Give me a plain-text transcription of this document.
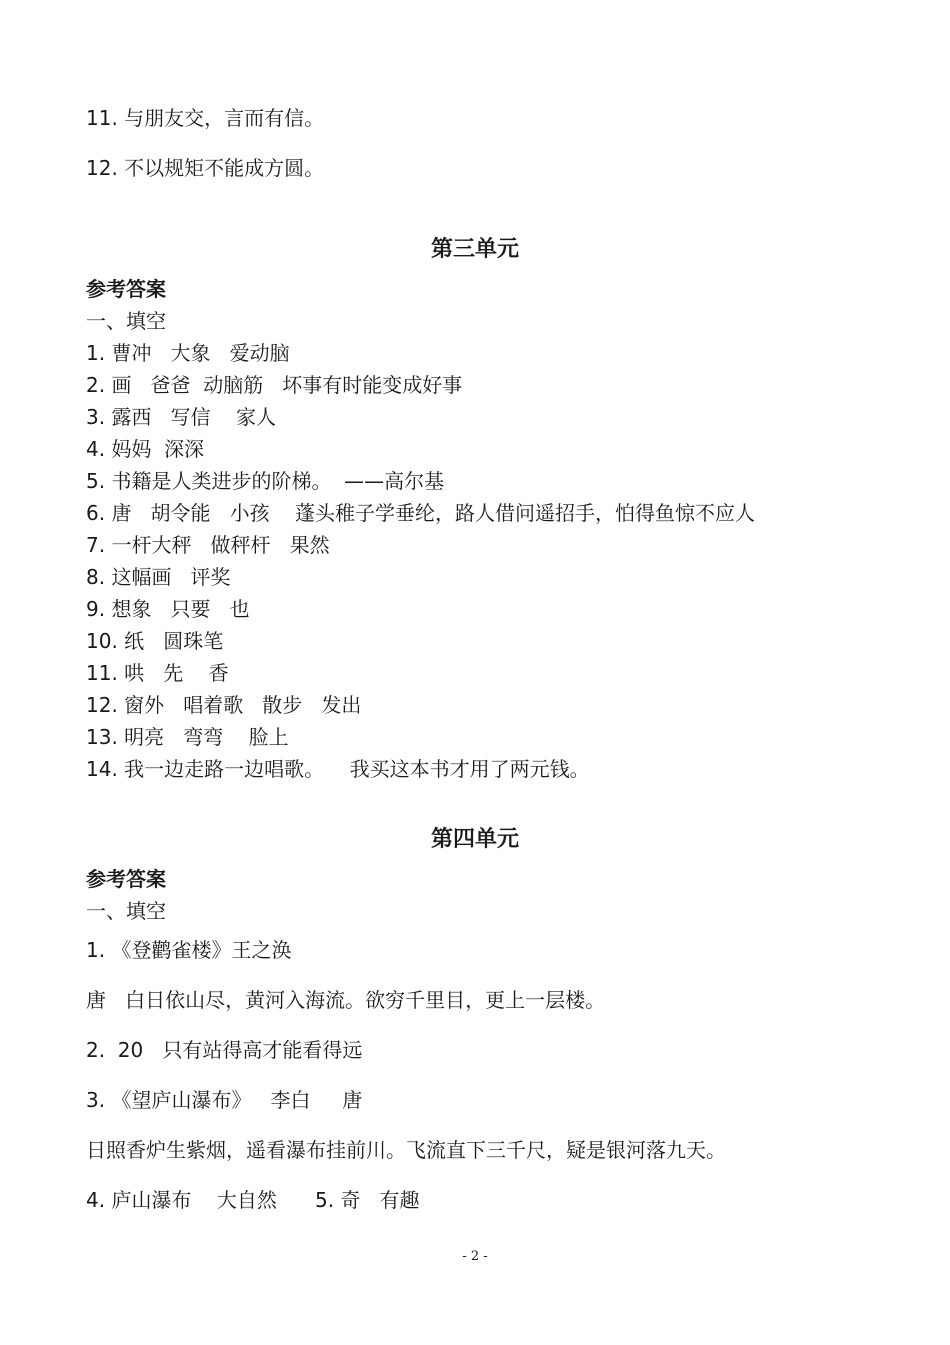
11. 与朋友交，言而有信。
12. 不以规矩不能成方圆。
第三单元
参考答案
一、填空
1. 曹冲   大象   爱动脑
2. 画   爸爸  动脑筋   坏事有时能变成好事
3. 露西   写信    家人
4. 妈妈  深深
5. 书籍是人类进步的阶梯。  ——高尔基
6. 唐   胡令能   小孩    蓬头稚子学垂纶，路人借问遥招手，怕得鱼惊不应人
7. 一杆大秤   做秤杆   果然
8. 这幅画   评奖
9. 想象   只要   也
10. 纸   圆珠笔
11. 哄   先    香
12. 窗外   唱着歌   散步   发出
13. 明亮   弯弯    脸上
14. 我一边走路一边唱歌。    我买这本书才用了两元钱。
第四单元
参考答案
一、填空
1. 《登鹳雀楼》王之涣
唐   白日依山尽，黄河入海流。欲穷千里目，更上一层楼。
2.  20   只有站得高才能看得远
3. 《望庐山瀑布》   李白     唐
日照香炉生紫烟，遥看瀑布挂前川。飞流直下三千尺，疑是银河落九天。
4. 庐山瀑布    大自然      5. 奇   有趣
- 2 -
